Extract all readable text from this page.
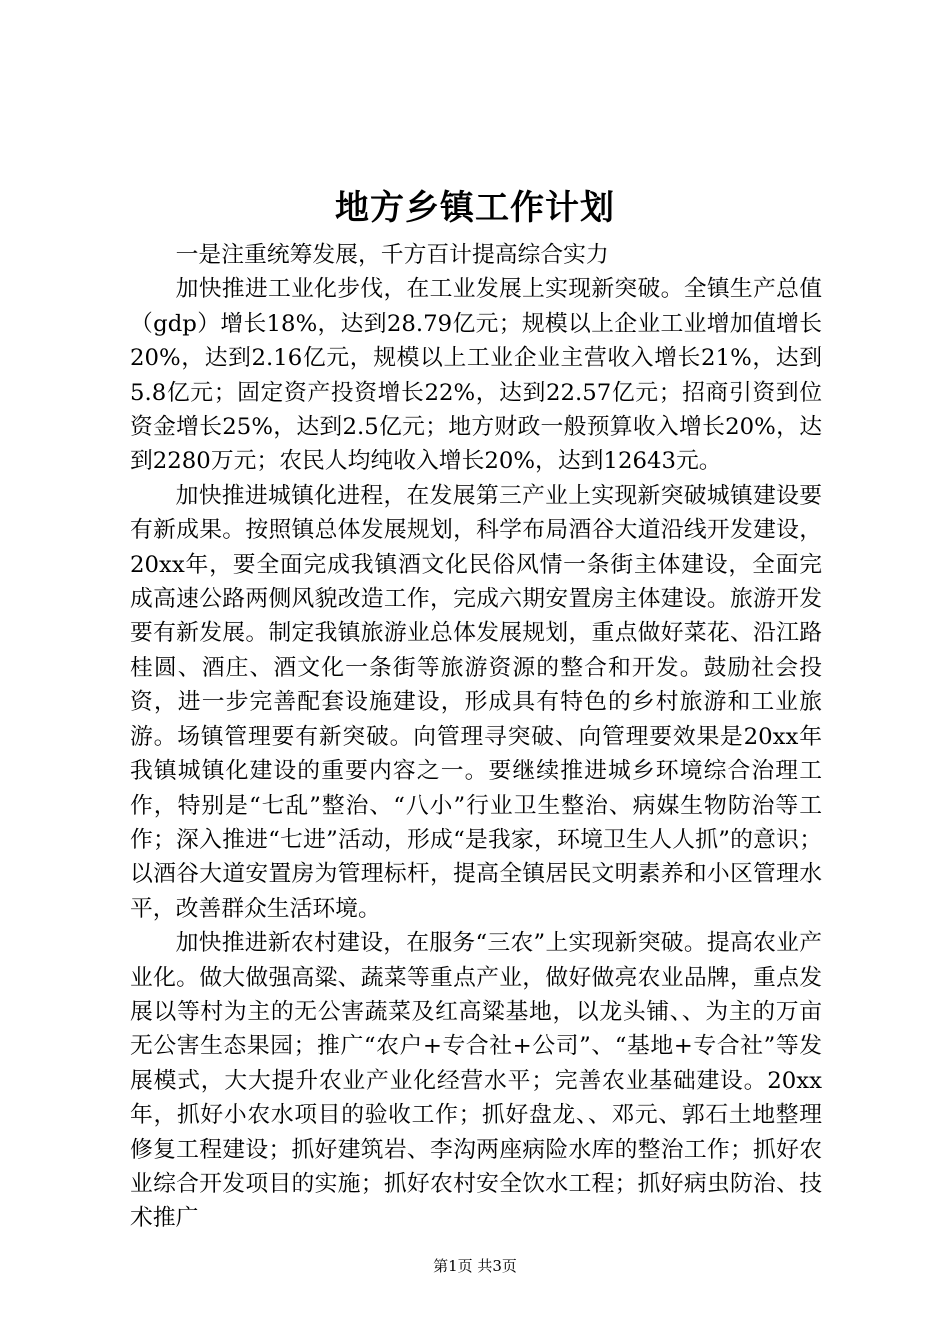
地方乡镇工作计划

一是注重统筹发展，千方百计提高综合实力

加快推进工业化步伐，在工业发展上实现新突破。全镇生产总值（gdp）增长18%，达到28.79亿元；规模以上企业工业增加值增长20%，达到2.16亿元，规模以上工业企业主营收入增长21%，达到5.8亿元；固定资产投资增长22%，达到22.57亿元；招商引资到位资金增长25%，达到2.5亿元；地方财政一般预算收入增长20%，达到2280万元；农民人均纯收入增长20%，达到12643元。

加快推进城镇化进程，在发展第三产业上实现新突破城镇建设要有新成果。按照镇总体发展规划，科学布局酒谷大道沿线开发建设，20xx年，要全面完成我镇酒文化民俗风情一条街主体建设，全面完成高速公路两侧风貌改造工作，完成六期安置房主体建设。旅游开发要有新发展。制定我镇旅游业总体发展规划，重点做好菜花、沿江路桂圆、酒庄、酒文化一条街等旅游资源的整合和开发。鼓励社会投资，进一步完善配套设施建设，形成具有特色的乡村旅游和工业旅游。场镇管理要有新突破。向管理寻突破、向管理要效果是20xx年我镇城镇化建设的重要内容之一。要继续推进城乡环境综合治理工作，特别是“七乱”整治、“八小”行业卫生整治、病媒生物防治等工作；深入推进“七进”活动，形成“是我家，环境卫生人人抓”的意识；以酒谷大道安置房为管理标杆，提高全镇居民文明素养和小区管理水平，改善群众生活环境。

加快推进新农村建设，在服务“三农”上实现新突破。提高农业产业化。做大做强高粱、蔬菜等重点产业，做好做亮农业品牌，重点发展以等村为主的无公害蔬菜及红高粱基地，以龙头铺、、为主的万亩无公害生态果园；推广“农户+专合社+公司”、“基地+专合社”等发展模式，大大提升农业产业化经营水平；完善农业基础建设。20xx年，抓好小农水项目的验收工作；抓好盘龙、、邓元、郭石土地整理修复工程建设；抓好建筑岩、李沟两座病险水库的整治工作；抓好农业综合开发项目的实施；抓好农村安全饮水工程；抓好病虫防治、技术推广

第1页 共3页
